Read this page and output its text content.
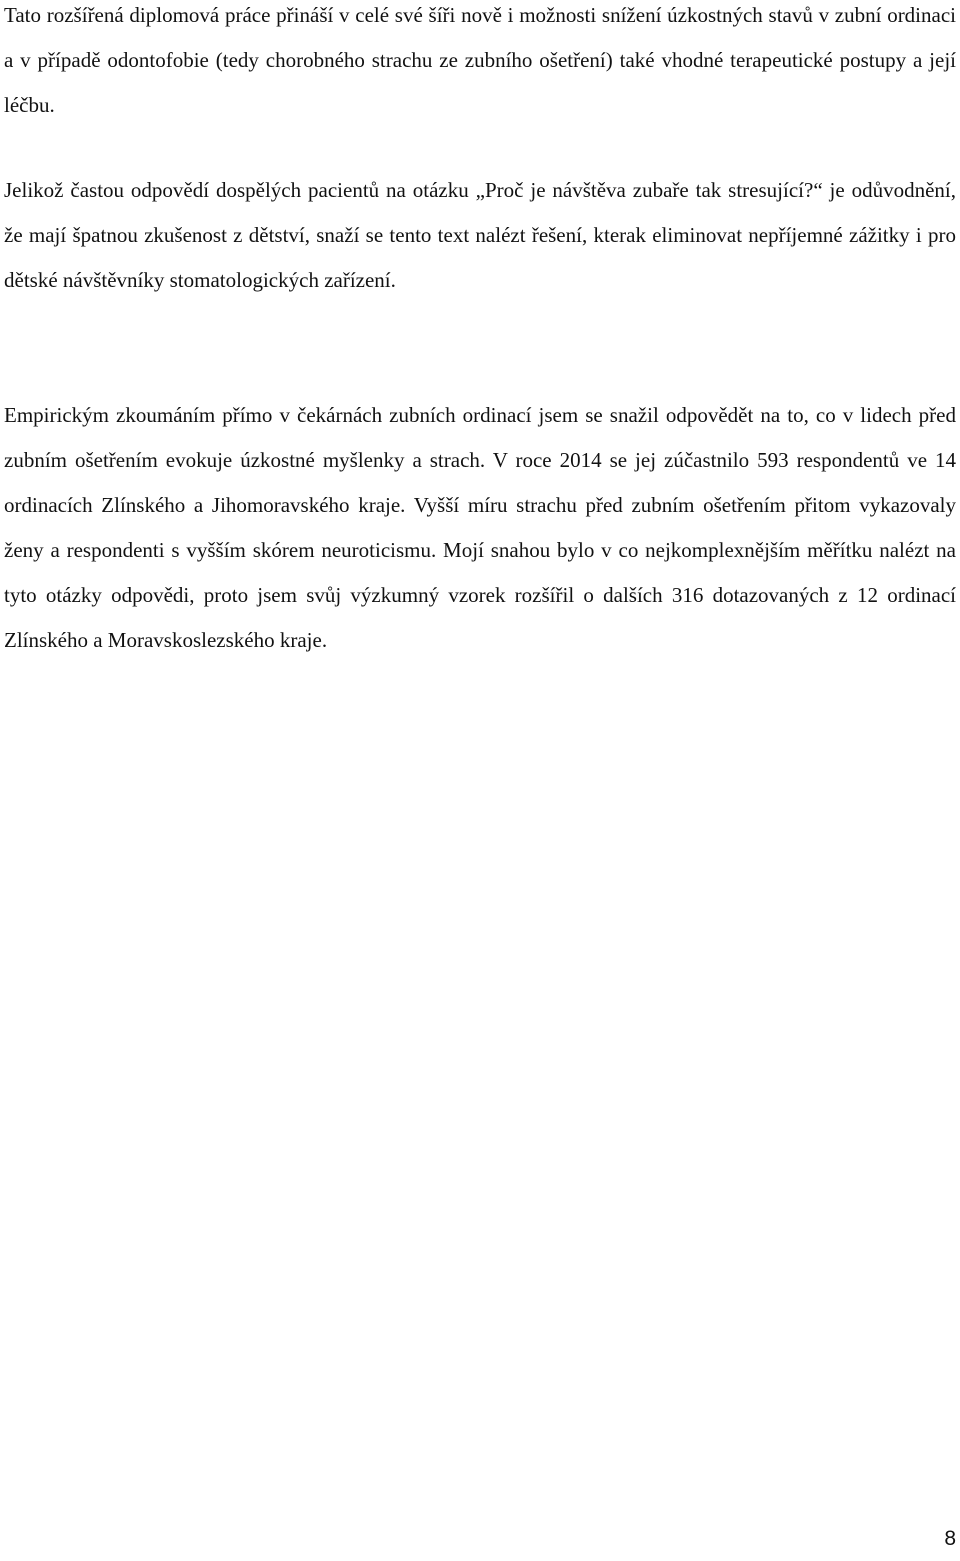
Tato rozšířená diplomová práce přináší v celé své šíři nově i možnosti snížení úzkostných stavů v zubní ordinaci a v případě odontofobie (tedy chorobného strachu ze zubního ošetření) také vhodné terapeutické postupy a její léčbu.

Jelikož častou odpovědí dospělých pacientů na otázku „Proč je návštěva zubaře tak stresující?“ je odůvodnění, že mají špatnou zkušenost z dětství, snaží se tento text nalézt řešení, kterak eliminovat nepříjemné zážitky i pro dětské návštěvníky stomatologických zařízení.

Empirickým zkoumáním přímo v čekárnách zubních ordinací jsem se snažil odpovědět na to, co v lidech před zubním ošetřením evokuje úzkostné myšlenky a strach. V roce 2014 se jej zúčastnilo 593 respondentů ve 14 ordinacích Zlínského a Jihomoravského kraje. Vyšší míru strachu před zubním ošetřením přitom vykazovaly ženy a respondenti s vyšším skórem neuroticismu. Mojí snahou bylo v co nejkomplexnějším měřítku nalézt na tyto otázky odpovědi, proto jsem svůj výzkumný vzorek rozšířil o dalších 316 dotazovaných z 12 ordinací Zlínského a Moravskoslezského kraje.

8
